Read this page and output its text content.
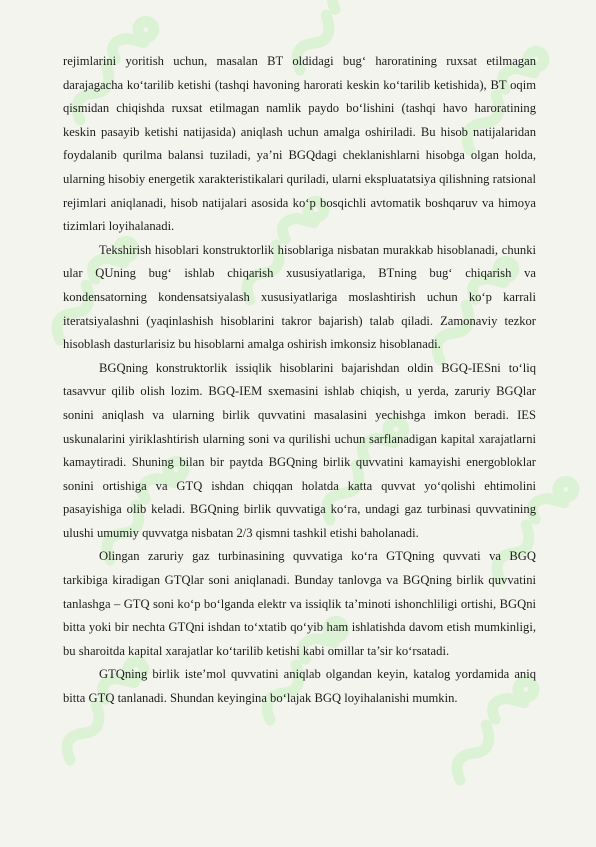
rejimlarini yoritish uchun, masalan BT oldidagi bug‘ haroratining ruxsat etilmagan darajagacha ko‘tarilib ketishi (tashqi havoning harorati keskin ko‘tarilib ketishida), BT oqim qismidan chiqishda ruxsat etilmagan namlik paydo bo‘lishini (tashqi havo haroratining keskin pasayib ketishi natijasida) aniqlash uchun amalga oshiriladi. Bu hisob natijalaridan foydalanib qurilma balansi tuziladi, ya’ni BGQdagi cheklanishlarni hisobga olgan holda, ularning hisobiy energetik xarakteristikalari quriladi, ularni ekspluatatsiya qilishning ratsional rejimlari aniqlanadi, hisob natijalari asosida ko‘p bosqichli avtomatik boshqaruv va himoya tizimlari loyihalanadi.

Tekshirish hisoblari konstruktorlik hisoblariga nisbatan murakkab hisoblanadi, chunki ular QUning bug‘ ishlab chiqarish xususiyatlariga, BTning bug‘ chiqarish va kondensatorning kondensatsiyalash xususiyatlariga moslashtirish uchun ko‘p karrali iteratsiyalashni (yaqinlashish hisoblarini takror bajarish) talab qiladi. Zamonaviy tezkor hisoblash dasturlarisiz bu hisoblarni amalga oshirish imkonsiz hisoblanadi.

BGQning konstruktorlik issiqlik hisoblarini bajarishdan oldin BGQ-IESni to‘liq tasavvur qilib olish lozim. BGQ-IEM sxemasini ishlab chiqish, u yerda, zaruriy BGQlar sonini aniqlash va ularning birlik quvvatini masalasini yechishga imkon beradi. IES uskunalarini yiriklashtirish ularning soni va qurilishi uchun sarflanadigan kapital xarajatlarni kamaytiradi. Shuning bilan bir paytda BGQning birlik quvvatini kamayishi energobloklar sonini ortishiga va GTQ ishdan chiqqan holatda katta quvvat yo‘qolishi ehtimolini pasayishiga olib keladi. BGQning birlik quvvatiga ko‘ra, undagi gaz turbinasi quvvatining ulushi umumiy quvvatga nisbatan 2/3 qismni tashkil etishi baholanadi.

Olingan zaruriy gaz turbinasining quvvatiga ko‘ra GTQning quvvati va BGQ tarkibiga kiradigan GTQlar soni aniqlanadi. Bunday tanlovga va BGQning birlik quvvatini tanlashga – GTQ soni ko‘p bo‘lganda elektr va issiqlik ta’minoti ishonchliligi ortishi, BGQni bitta yoki bir nechta GTQni ishdan to‘xtatib qo‘yib ham ishlatishda davom etish mumkinligi, bu sharoitda kapital xarajatlar ko‘tarilib ketishi kabi omillar ta’sir ko‘rsatadi.

GTQning birlik iste’mol quvvatini aniqlab olgandan keyin, katalog yordamida aniq bitta GTQ tanlanadi. Shundan keyingina bo‘lajak BGQ loyihalanishi mumkin.
